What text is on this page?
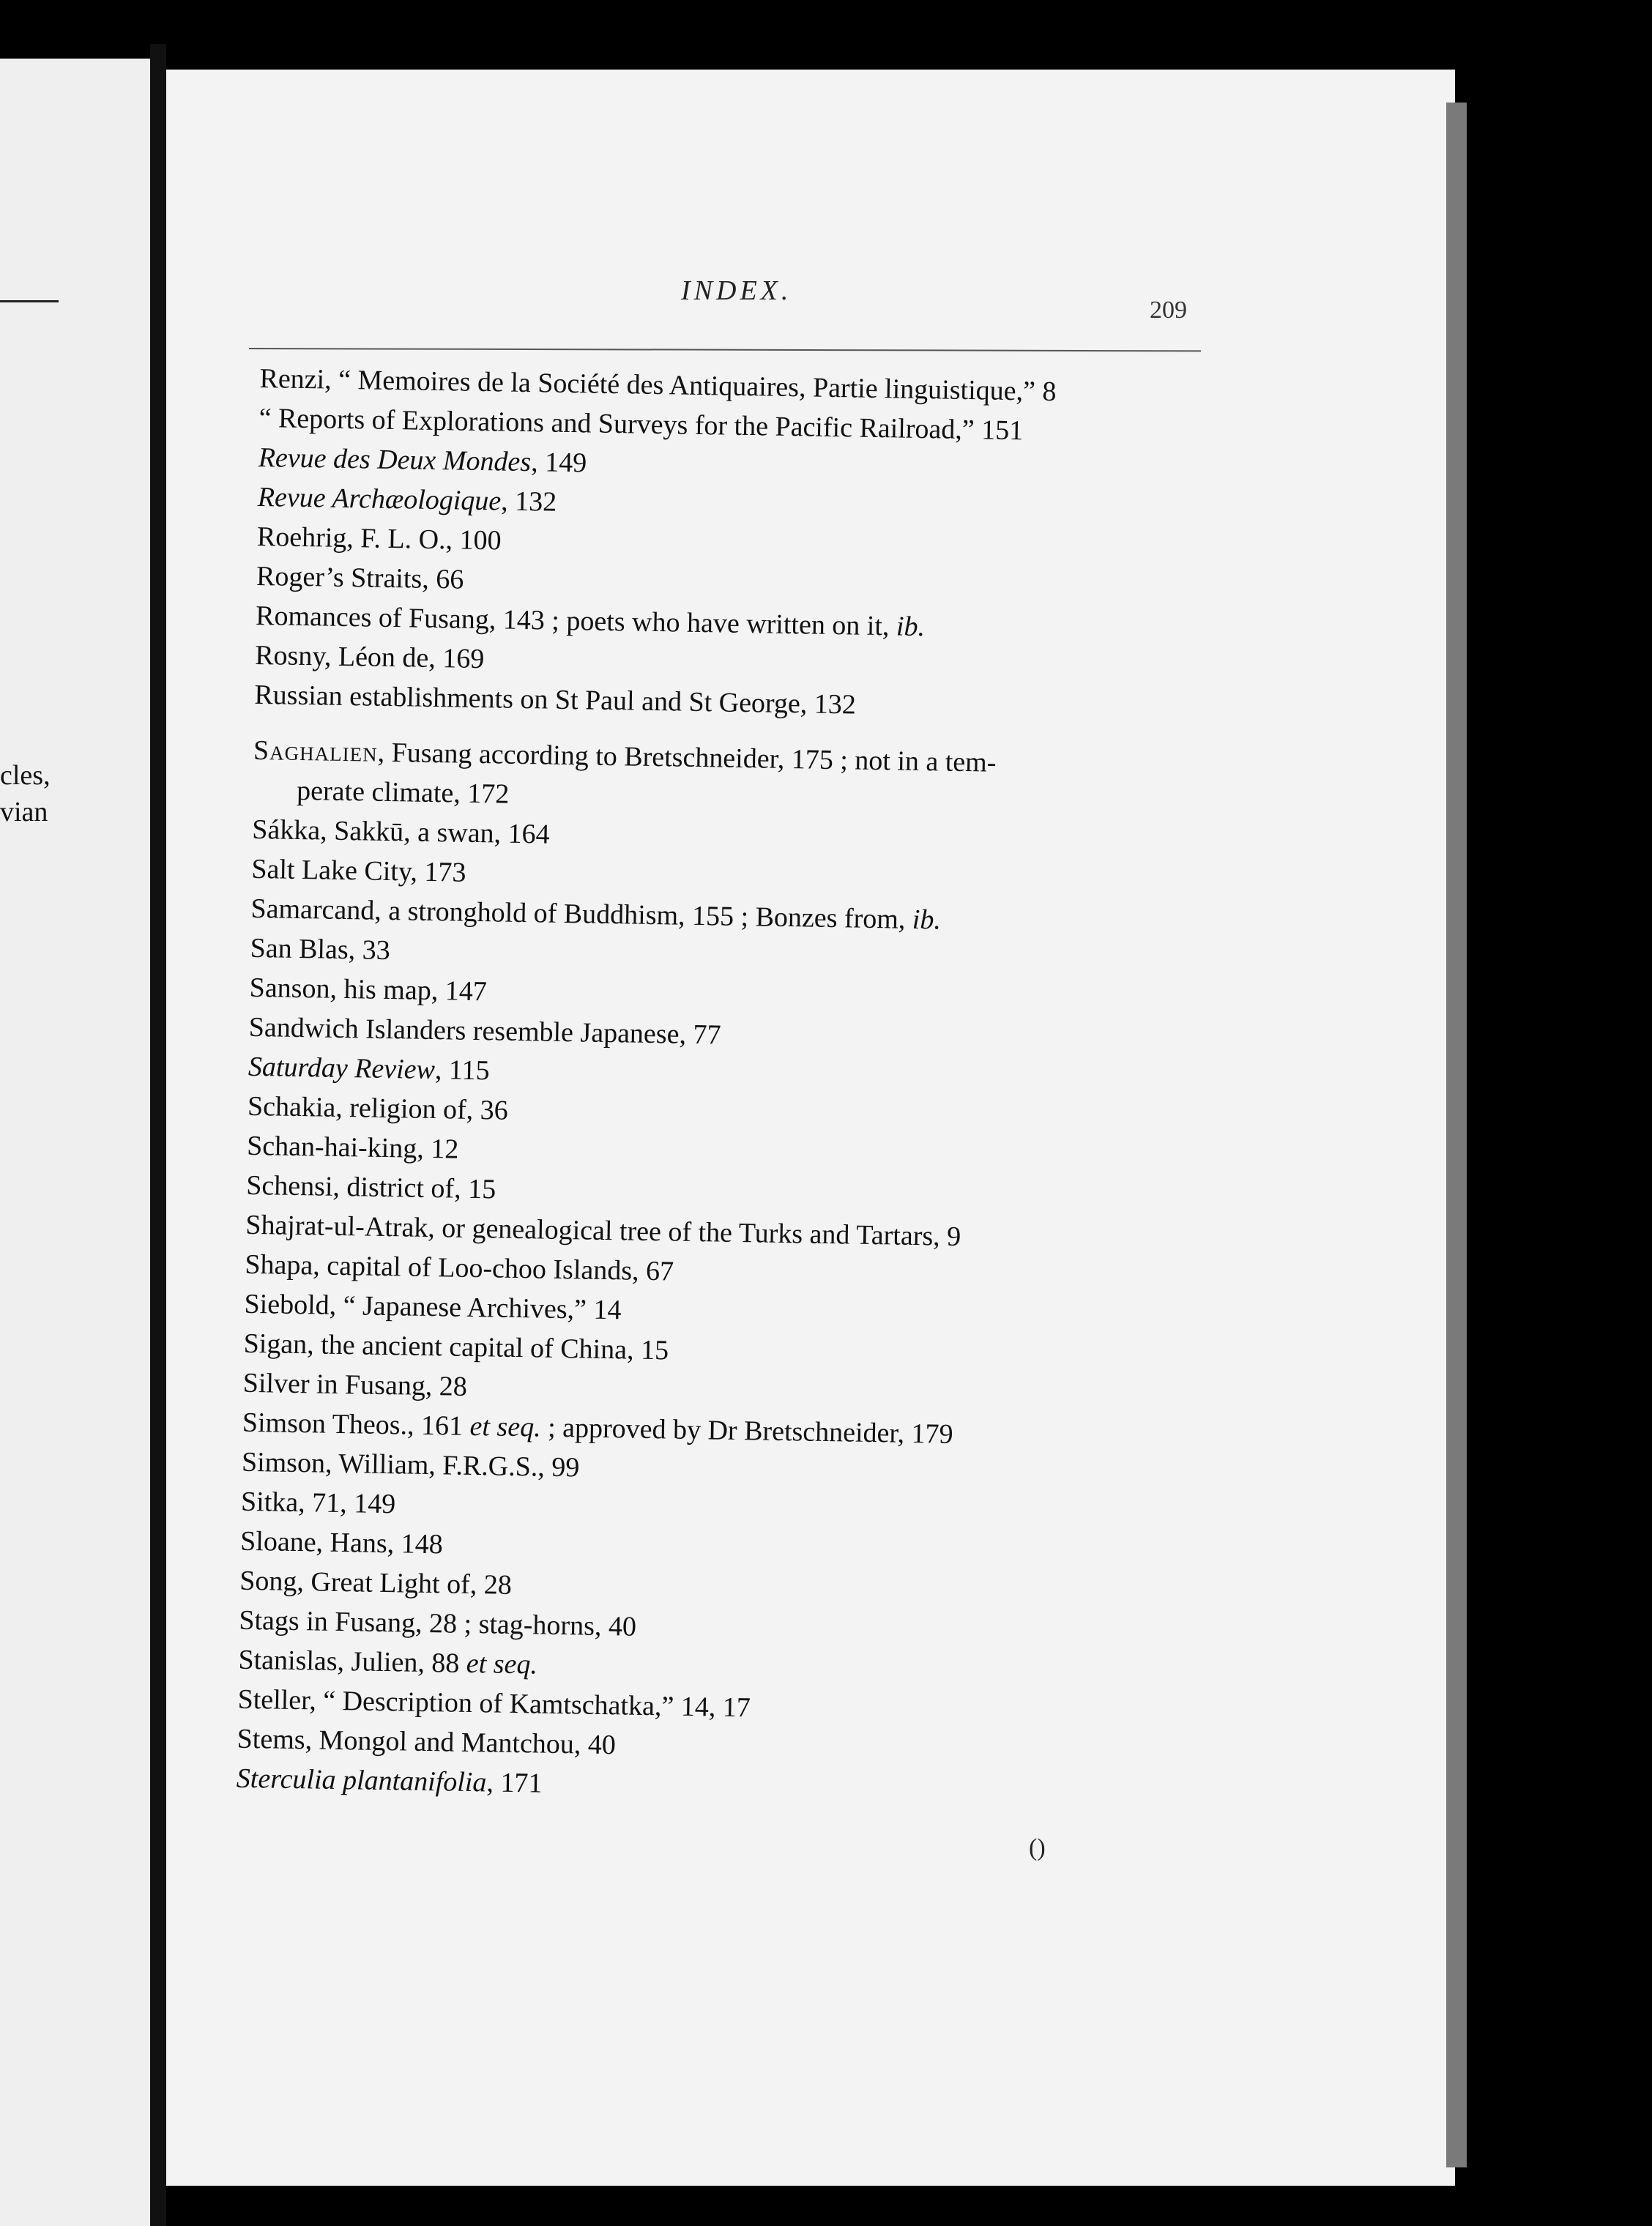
cles,
vian
INDEX.
209
Renzi, “ Memoires de la Société des Antiquaires, Partie linguistique,” 8
“ Reports of Explorations and Surveys for the Pacific Railroad,” 151
Revue des Deux Mondes, 149
Revue Archæologique, 132
Roehrig, F. L. O., 100
Roger’s Straits, 66
Romances of Fusang, 143 ; poets who have written on it, ib.
Rosny, Léon de, 169
Russian establishments on St Paul and St George, 132
Saghalien, Fusang according to Bretschneider, 175 ; not in a tem-
perate climate, 172
Sákka, Sakkū, a swan, 164
Salt Lake City, 173
Samarcand, a stronghold of Buddhism, 155 ; Bonzes from, ib.
San Blas, 33
Sanson, his map, 147
Sandwich Islanders resemble Japanese, 77
Saturday Review, 115
Schakia, religion of, 36
Schan-hai-king, 12
Schensi, district of, 15
Shajrat-ul-Atrak, or genealogical tree of the Turks and Tartars, 9
Shapa, capital of Loo-choo Islands, 67
Siebold, “ Japanese Archives,” 14
Sigan, the ancient capital of China, 15
Silver in Fusang, 28
Simson Theos., 161 et seq. ; approved by Dr Bretschneider, 179
Simson, William, F.R.G.S., 99
Sitka, 71, 149
Sloane, Hans, 148
Song, Great Light of, 28
Stags in Fusang, 28 ; stag-horns, 40
Stanislas, Julien, 88 et seq.
Steller, “ Description of Kamtschatka,” 14, 17
Stems, Mongol and Mantchou, 40
Sterculia plantanifolia, 171
()
